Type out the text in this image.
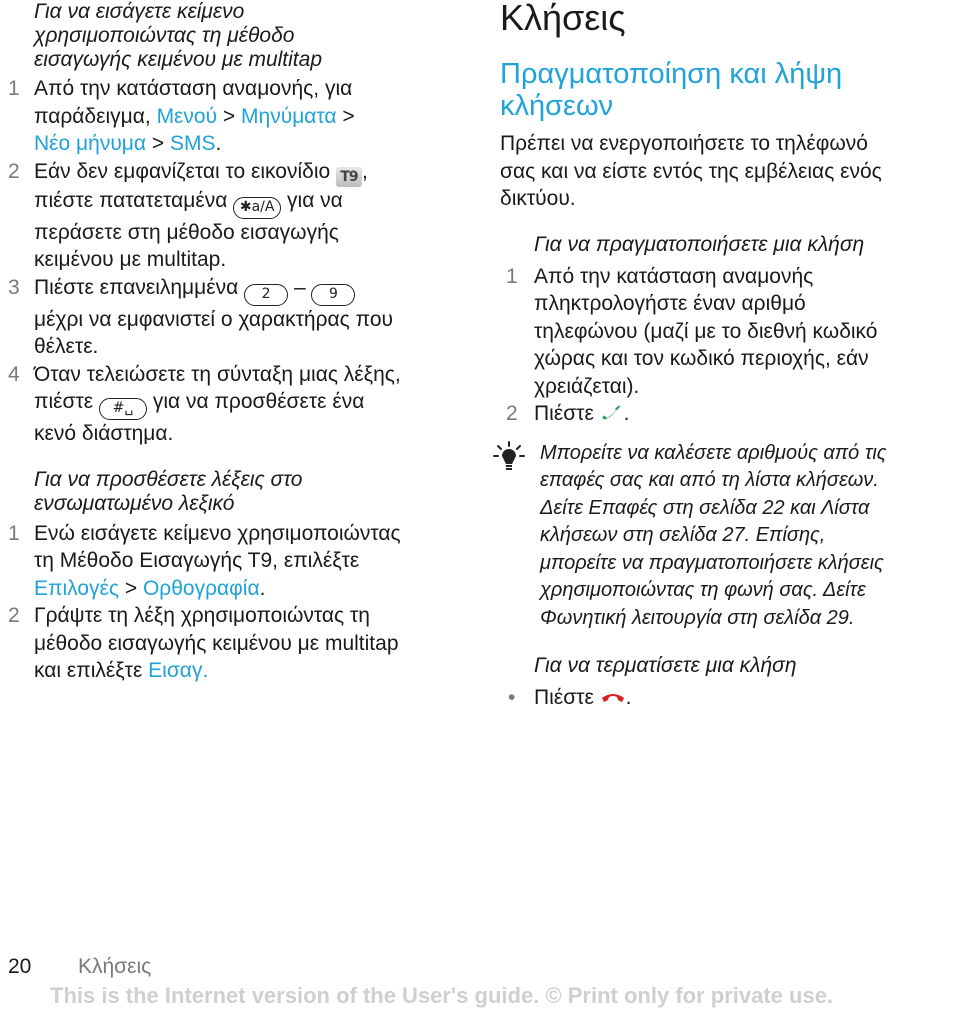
Για να εισάγετε κείμενο
χρησιμοποιώντας τη μέθοδο
εισαγωγής κειμένου με multitap
1 Από την κατάσταση αναμονής, για
παράδειγμα, Μενού > Μηνύματα >
Νέο μήνυμα > SMS.
2 Εάν δεν εμφανίζεται το εικονίδιο T9 ,
πιέστε πατατεταμένα ✱a/A για να
περάσετε στη μέθοδο εισαγωγής
κειμένου με multitap.
3 Πιέστε επανειλημμένα 2 – 9
μέχρι να εμφανιστεί ο χαρακτήρας που
θέλετε.
4 Όταν τελειώσετε τη σύνταξη μιας λέξης,
πιέστε #␣ για να προσθέσετε ένα
κενό διάστημα.
Για να προσθέσετε λέξεις στο
ενσωματωμένο λεξικό
1 Ενώ εισάγετε κείμενο χρησιμοποιώντας
τη Μέθοδο Εισαγωγής Τ9, επιλέξτε
Επιλογές > Ορθογραφία.
2 Γράψτε τη λέξη χρησιμοποιώντας τη
μέθοδο εισαγωγής κειμένου με multitap
και επιλέξτε Εισαγ.
Κλήσεις
Πραγματοποίηση και λήψη
κλήσεων

Πρέπει να ενεργοποιήσετε το τηλέφωνό
σας και να είστε εντός της εμβέλειας ενός
δικτύου.

Για να πραγματοποιήσετε μια κλήση
1 Από την κατάσταση αναμονής
πληκτρολογήστε έναν αριθμό
τηλεφώνου (μαζί με το διεθνή κωδικό
χώρας και τον κωδικό περιοχής, εάν
χρειάζεται).
2 Πιέστε .

Μπορείτε να καλέσετε αριθμούς από τις
επαφές σας και από τη λίστα κλήσεων.
Δείτε Επαφές στη σελίδα 22 και Λίστα
κλήσεων στη σελίδα 27. Επίσης,
μπορείτε να πραγματοποιήσετε κλήσεις
χρησιμοποιώντας τη φωνή σας. Δείτε
Φωνητική λειτουργία στη σελίδα 29.

Για να τερματίσετε μια κλήση
• Πιέστε .
20 Κλήσεις
This is the Internet version of the User's guide. © Print only for private use.
